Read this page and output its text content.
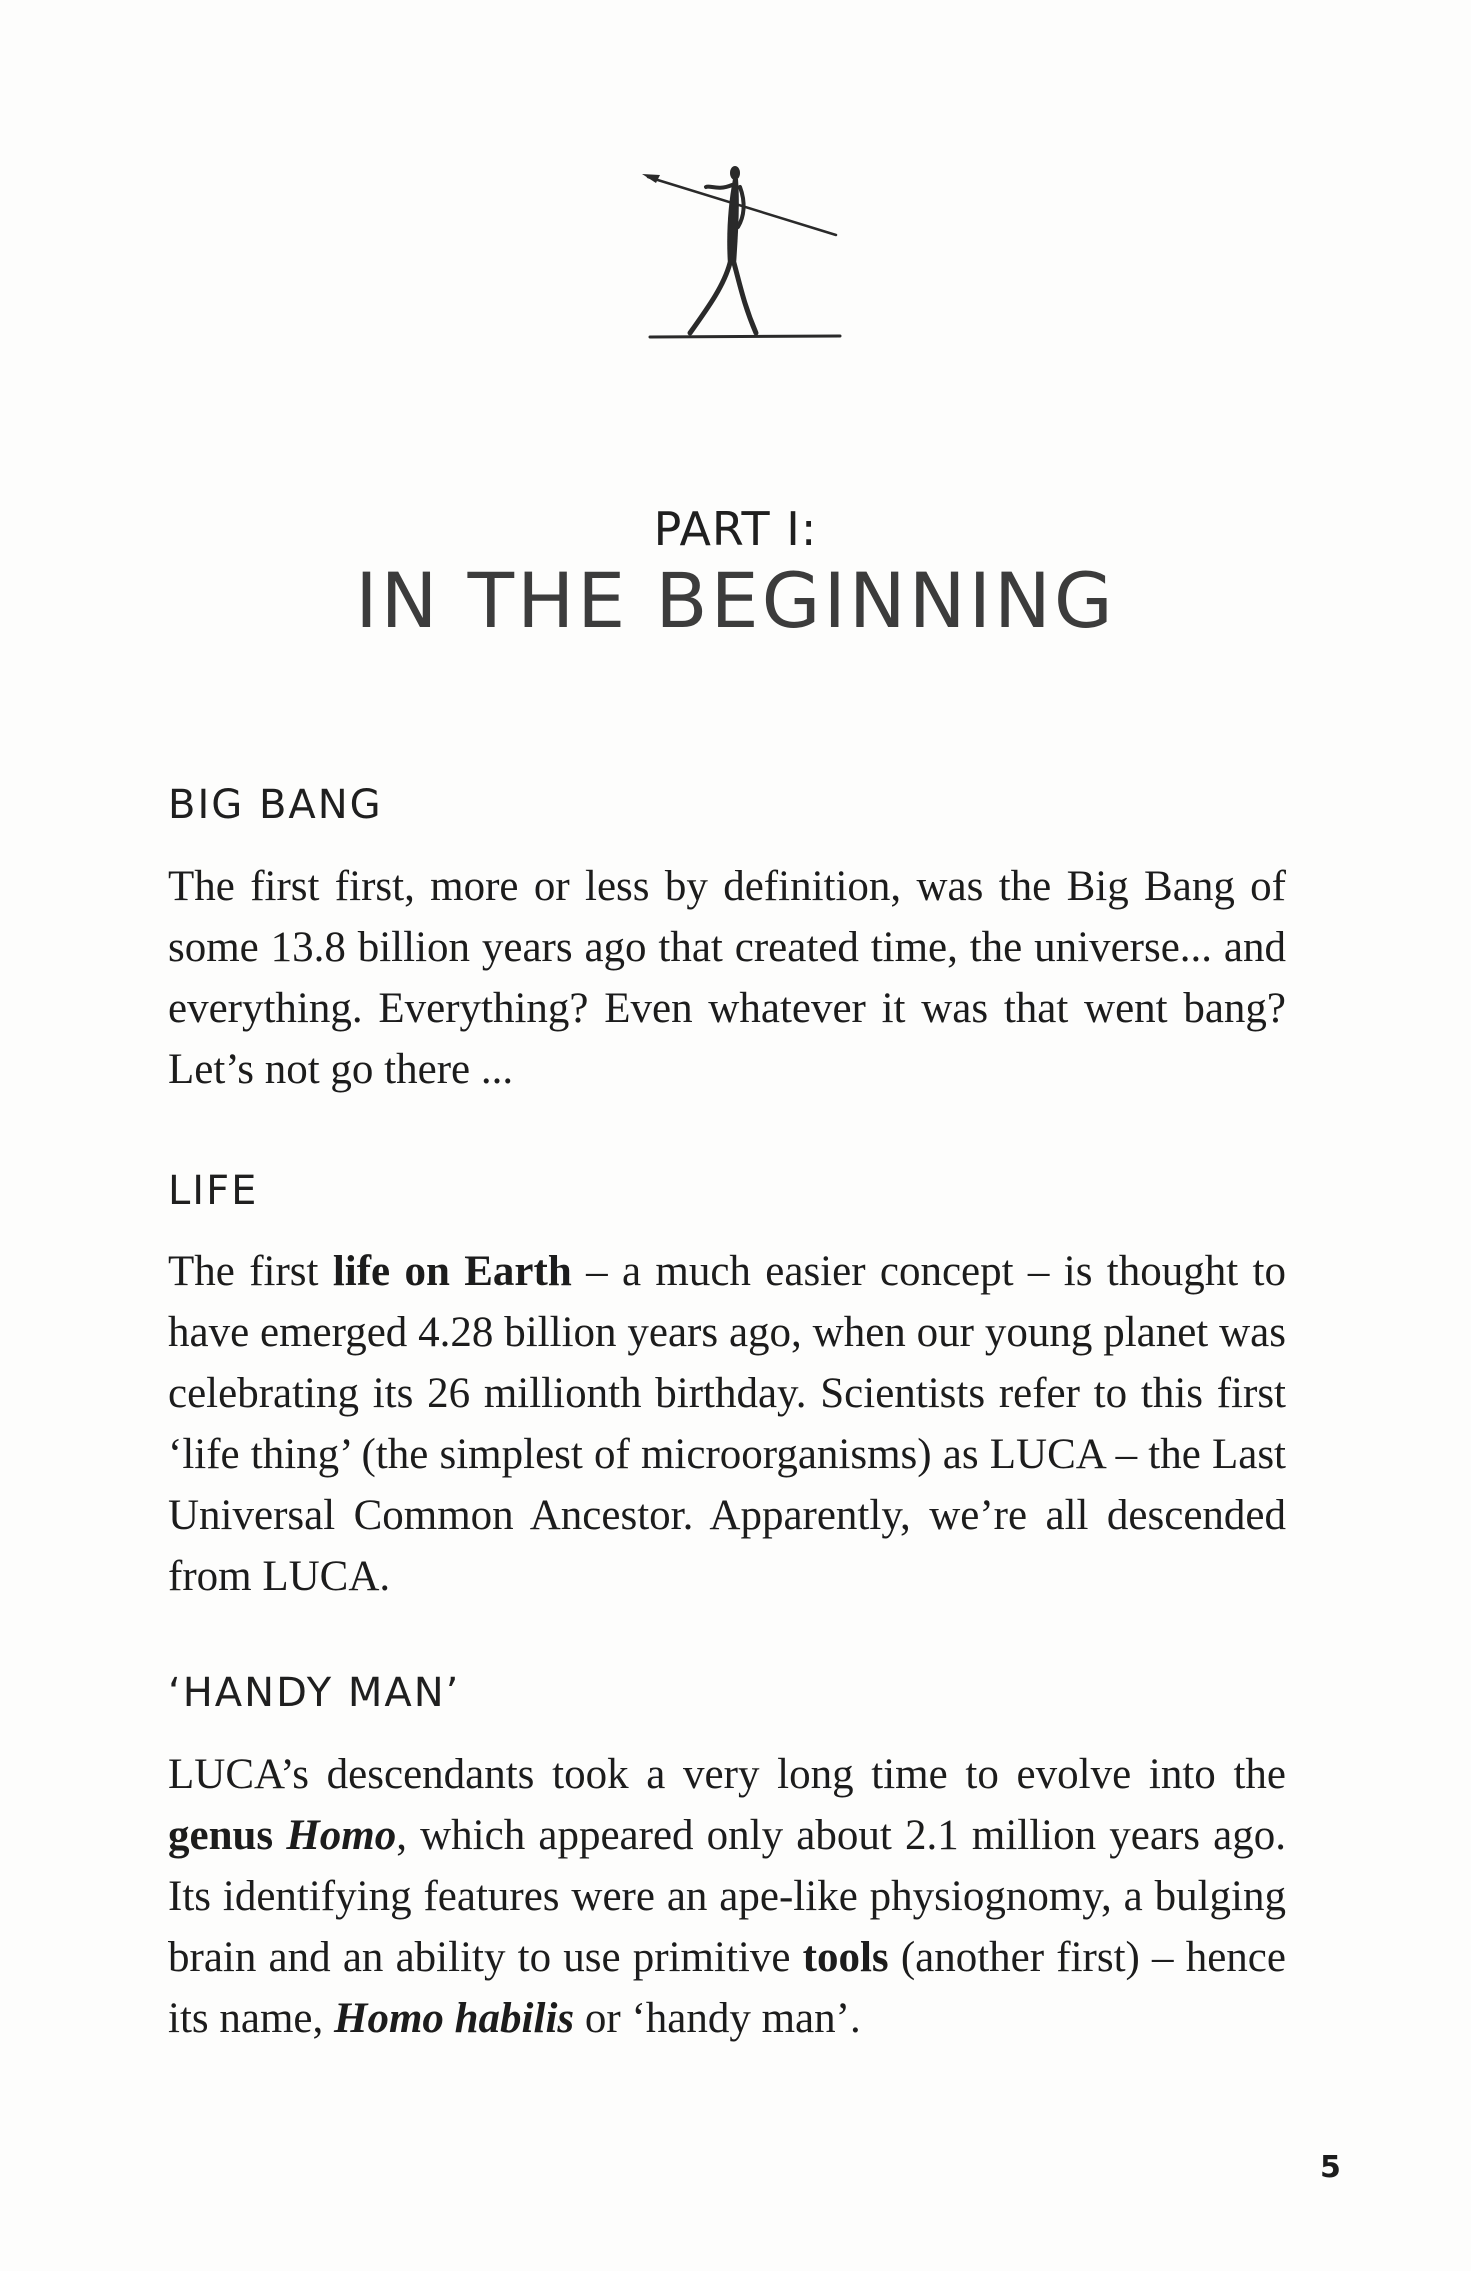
PART I:
IN THE BEGINNING
BIG BANG

The first first, more or less by definition, was the Big Bang of some 13.8 billion years ago that created time, the universe... and everything. Everything? Even whatever it was that went bang? Let’s not go there ...

LIFE

The first life on Earth – a much easier concept – is thought to have emerged 4.28 billion years ago, when our young planet was celebrating its 26 millionth birthday. Scientists refer to this first ‘life thing’ (the simplest of microorganisms) as LUCA – the Last Universal Common Ancestor. Apparently, we’re all descended from LUCA.

‘HANDY MAN’

LUCA’s descendants took a very long time to evolve into the genus Homo, which appeared only about 2.1 million years ago. Its identifying features were an ape-like physiognomy, a bulging brain and an ability to use primitive tools (another first) – hence its name, Homo habilis or ‘handy man’.

5
